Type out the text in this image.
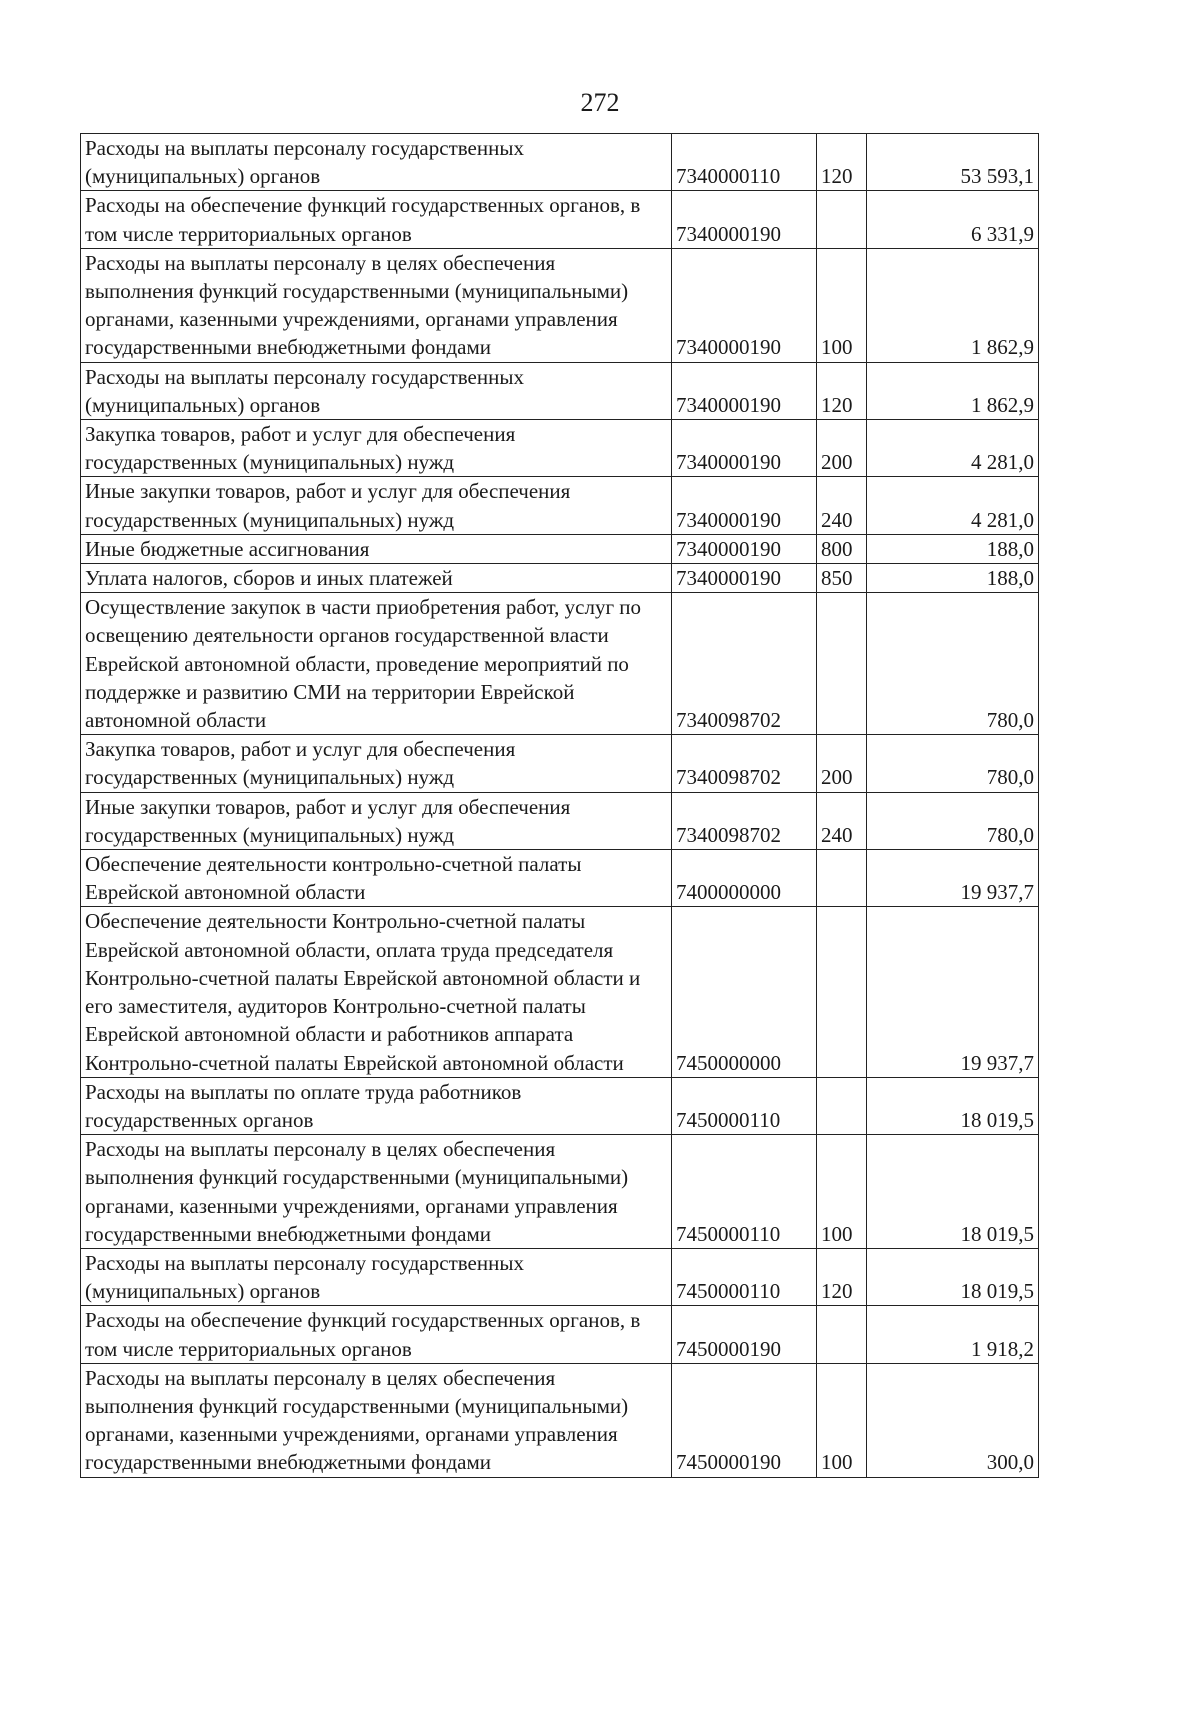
272
Расходы на выплаты персоналу государственных (муниципальных) органов	7340000110	120	53 593,1
Расходы на обеспечение функций государственных органов, в том числе территориальных органов	7340000190		6 331,9
Расходы на выплаты персоналу в целях обеспечения выполнения функций государственными (муниципальными) органами, казенными учреждениями, органами управления государственными внебюджетными фондами	7340000190	100	1 862,9
Расходы на выплаты персоналу государственных (муниципальных) органов	7340000190	120	1 862,9
Закупка товаров, работ и услуг для обеспечения государственных (муниципальных) нужд	7340000190	200	4 281,0
Иные закупки товаров, работ и услуг для обеспечения государственных (муниципальных) нужд	7340000190	240	4 281,0
Иные бюджетные ассигнования	7340000190	800	188,0
Уплата налогов, сборов и иных платежей	7340000190	850	188,0
Осуществление закупок в части приобретения работ, услуг по освещению деятельности органов государственной власти Еврейской автономной области, проведение мероприятий по поддержке и развитию СМИ на территории Еврейской автономной области	7340098702		780,0
Закупка товаров, работ и услуг для обеспечения государственных (муниципальных) нужд	7340098702	200	780,0
Иные закупки товаров, работ и услуг для обеспечения государственных (муниципальных) нужд	7340098702	240	780,0
Обеспечение деятельности контрольно-счетной палаты Еврейской автономной области	7400000000		19 937,7
Обеспечение деятельности Контрольно-счетной палаты Еврейской автономной области, оплата труда председателя Контрольно-счетной палаты Еврейской автономной области и его заместителя, аудиторов Контрольно-счетной палаты Еврейской автономной области и работников аппарата Контрольно-счетной палаты Еврейской автономной области	7450000000		19 937,7
Расходы на выплаты по оплате труда работников государственных органов	7450000110		18 019,5
Расходы на выплаты персоналу в целях обеспечения выполнения функций государственными (муниципальными) органами, казенными учреждениями, органами управления государственными внебюджетными фондами	7450000110	100	18 019,5
Расходы на выплаты персоналу государственных (муниципальных) органов	7450000110	120	18 019,5
Расходы на обеспечение функций государственных органов, в том числе территориальных органов	7450000190		1 918,2
Расходы на выплаты персоналу в целях обеспечения выполнения функций государственными (муниципальными) органами, казенными учреждениями, органами управления государственными внебюджетными фондами	7450000190	100	300,0
